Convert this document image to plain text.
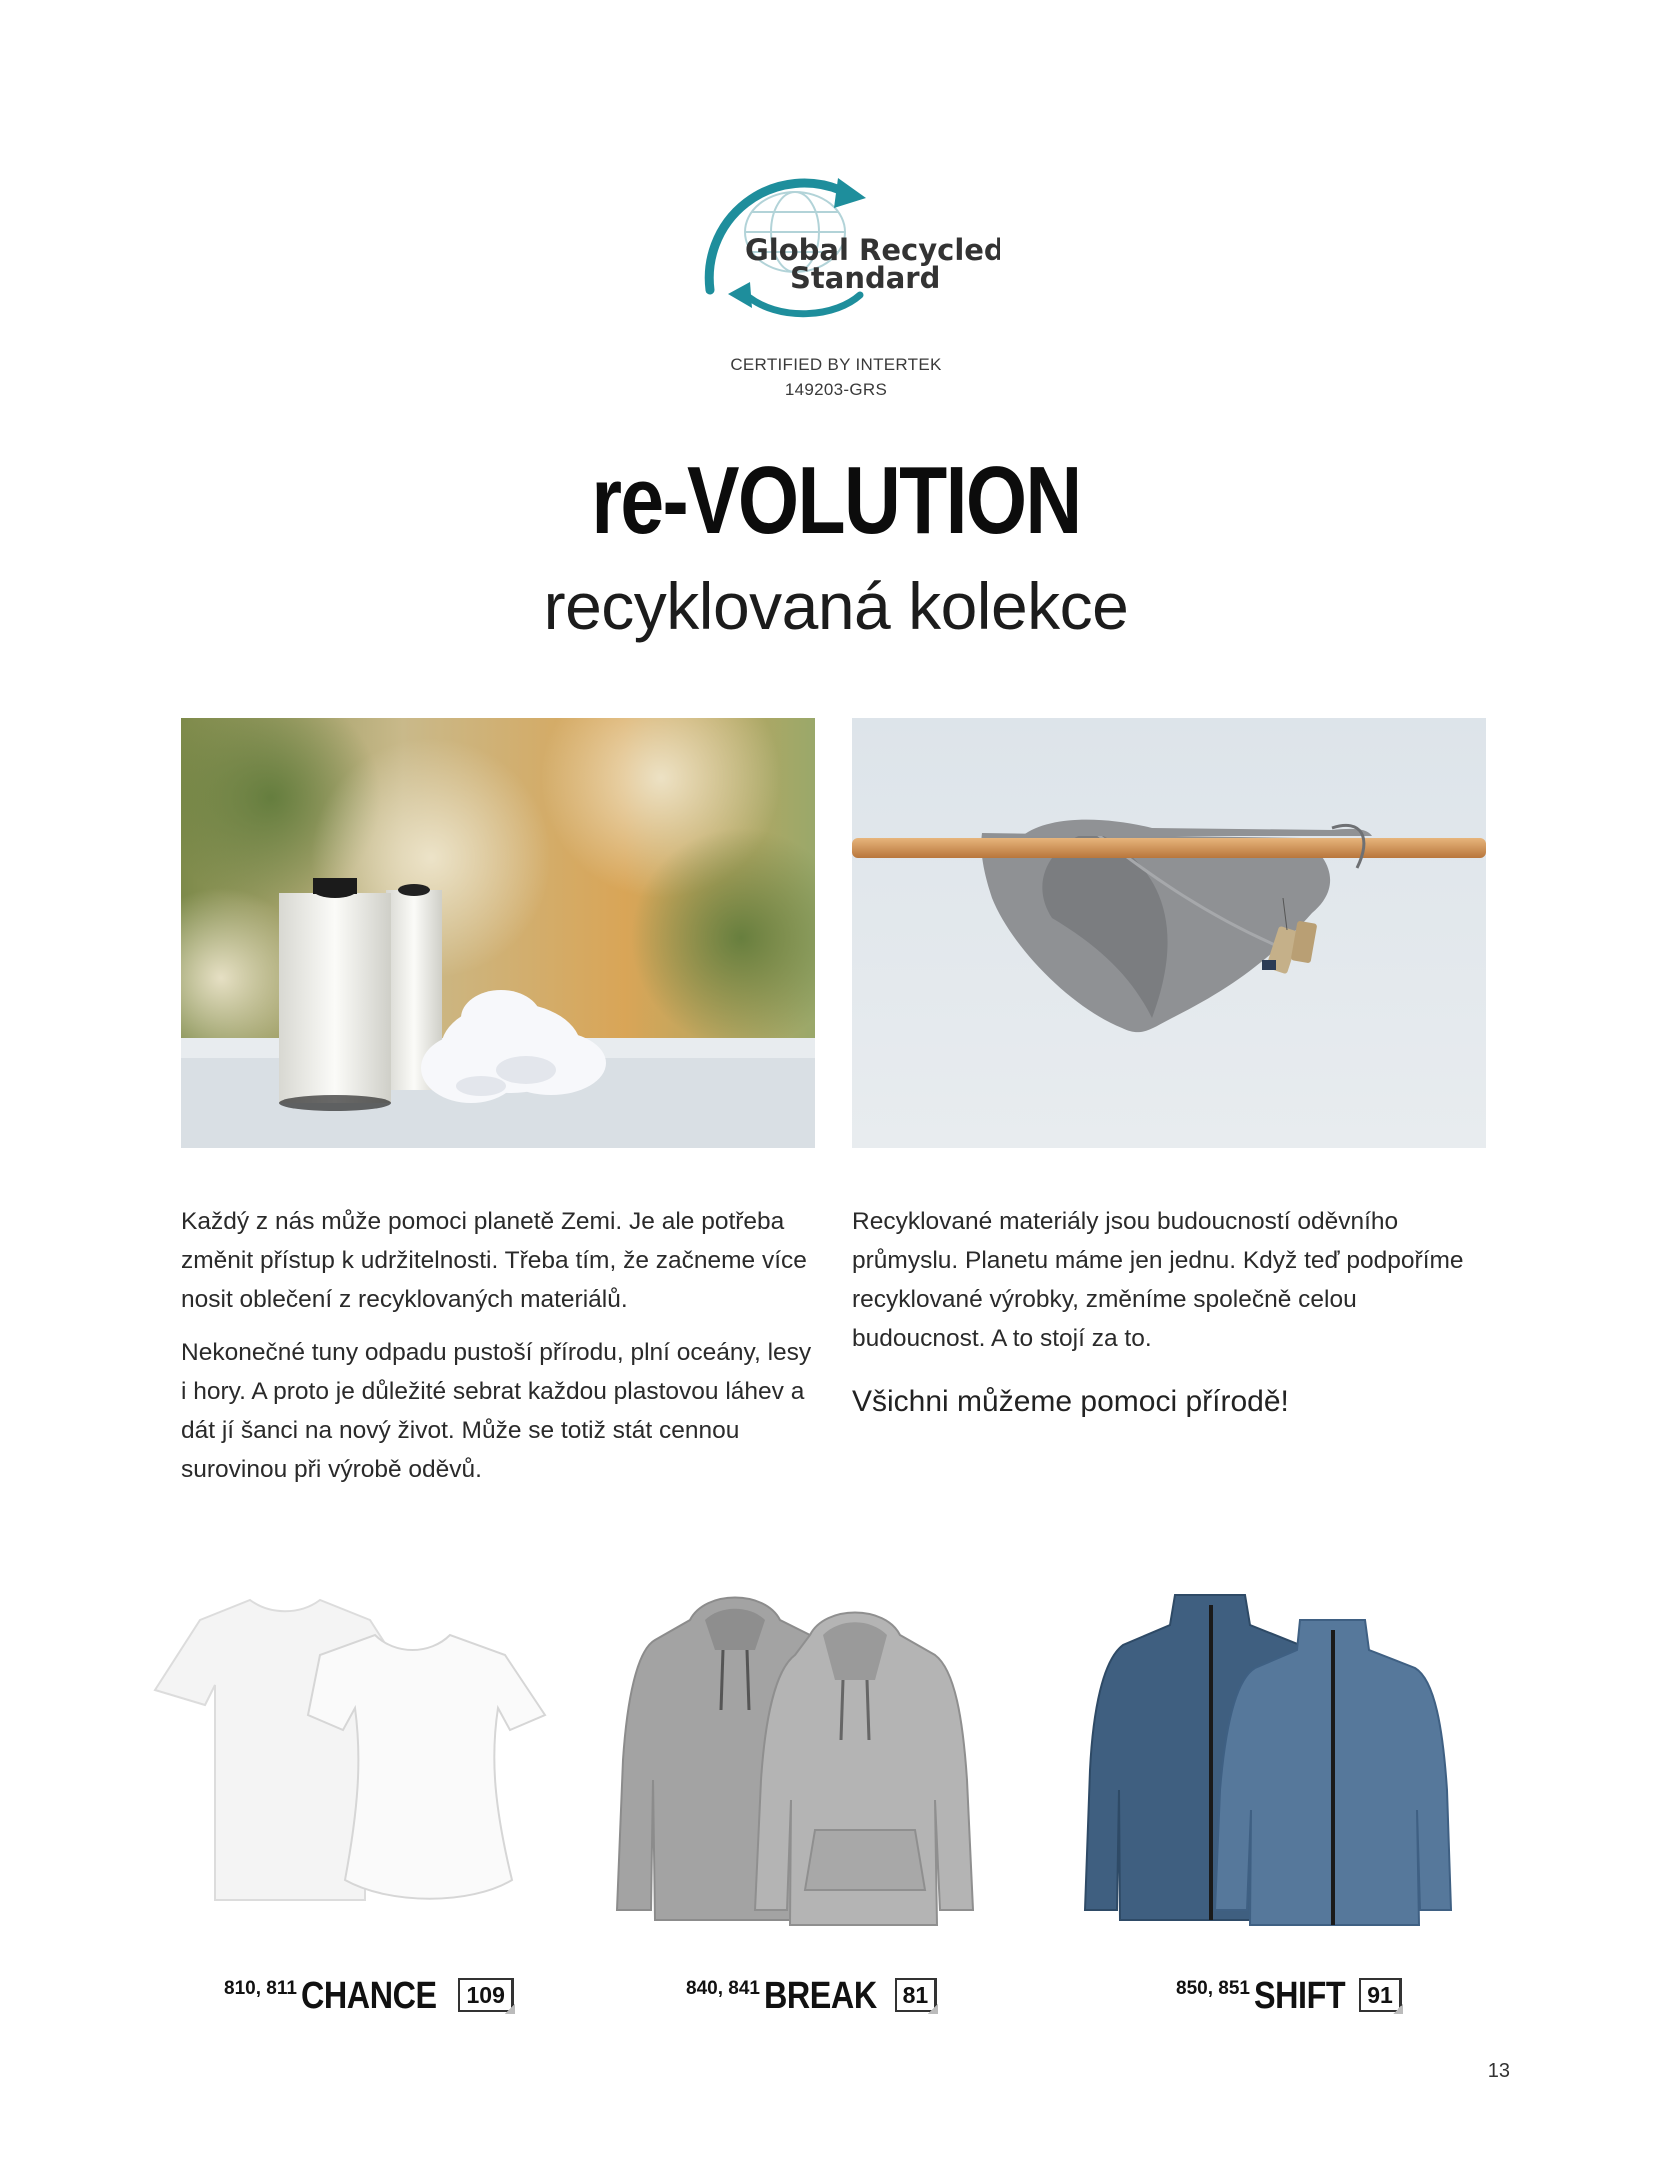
Global Recycled
Standard
CERTIFIED BY INTERTEK
149203-GRS
re-VOLUTION
recyklovaná kolekce

Každý z nás může pomoci planetě Zemi. Je ale potřeba změnit přístup k udržitelnosti. Třeba tím, že začneme více nosit oblečení z recyklovaných materiálů.

Nekonečné tuny odpadu pustoší přírodu, plní oceány, lesy i hory. A proto je důležité sebrat každou plastovou láhev a dát jí šanci na nový život. Může se totiž stát cennou surovinou při výrobě oděvů.

Recyklované materiály jsou budoucností oděvního průmyslu. Planetu máme jen jednu. Když teď podpoříme recyklované výrobky, změníme společně celou budoucnost. A to stojí za to.

Všichni můžeme pomoci přírodě!

810, 811 CHANCE	109	840, 841 BREAK	81	850, 851 SHIFT 91
13
